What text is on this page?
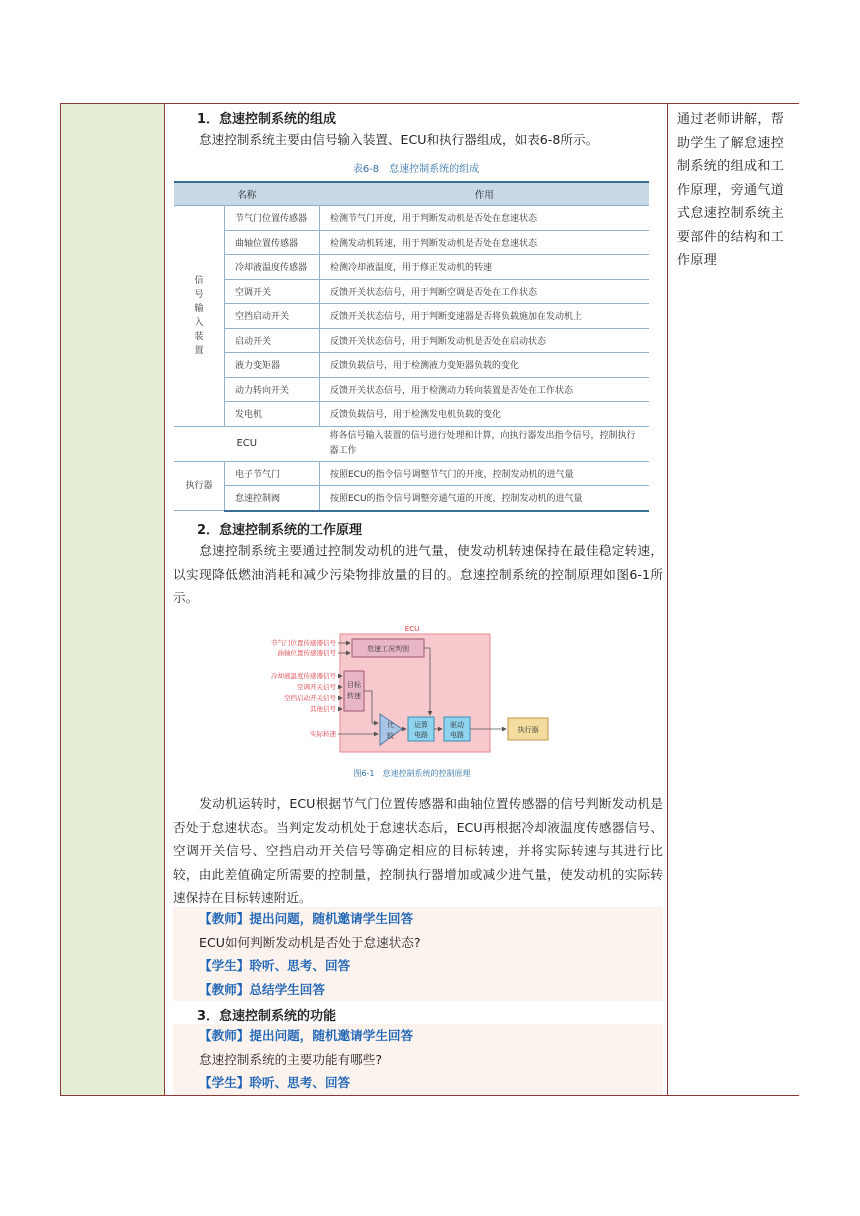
1．怠速控制系统的组成
怠速控制系统主要由信号输入装置、ECU和执行器组成，如表6-8所示。
表6-8　怠速控制系统的组成
名称		作用

信号输入装置	节气门位置传感器	检测节气门开度，用于判断发动机是否处在怠速状态
	曲轴位置传感器	检测发动机转速，用于判断发动机是否处在怠速状态
	冷却液温度传感器	检测冷却液温度，用于修正发动机的转速
	空调开关	反馈开关状态信号，用于判断空调是否处在工作状态
	空挡启动开关	反馈开关状态信号，用于判断变速器是否将负载施加在发动机上
	启动开关	反馈开关状态信号，用于判断发动机是否处在启动状态
	液力变矩器	反馈负载信号，用于检测液力变矩器负载的变化
	动力转向开关	反馈开关状态信号，用于检测动力转向装置是否处在工作状态
	发电机	反馈负载信号，用于检测发电机负载的变化
ECU		将各信号输入装置的信号进行处理和计算，向执行器发出指令信号，控制执行器工作
执行器	电子节气门	按照ECU的指令信号调整节气门的开度，控制发动机的进气量
	怠速控制阀	按照ECU的指令信号调整旁通气道的开度，控制发动机的进气量
2．怠速控制系统的工作原理
怠速控制系统主要通过控制发动机的进气量，使发动机转速保持在最佳稳定转速，以实现降低燃油消耗和减少污染物排放量的目的。怠速控制系统的控制原理如图6-1所示。
ECU
怠速工况判别
目标
转速
比
较
运算
电路
驱动
电路
执行器
节气门位置传感器信号
曲轴位置传感器信号
冷却液温度传感器信号
空调开关信号
空挡启动开关信号
其他信号
实际转速
图6-1　怠速控制系统的控制原理
发动机运转时，ECU根据节气门位置传感器和曲轴位置传感器的信号判断发动机是否处于怠速状态。当判定发动机处于怠速状态后，ECU再根据冷却液温度传感器信号、空调开关信号、空挡启动开关信号等确定相应的目标转速，并将实际转速与其进行比较，由此差值确定所需要的控制量，控制执行器增加或减少进气量，使发动机的实际转速保持在目标转速附近。
【教师】提出问题，随机邀请学生回答
ECU如何判断发动机是否处于怠速状态?
【学生】聆听、思考、回答
【教师】总结学生回答
3．怠速控制系统的功能
【教师】提出问题，随机邀请学生回答
怠速控制系统的主要功能有哪些?
【学生】聆听、思考、回答

通过老师讲解，帮助学生了解怠速控制系统的组成和工作原理，旁通气道式怠速控制系统主要部件的结构和工作原理
